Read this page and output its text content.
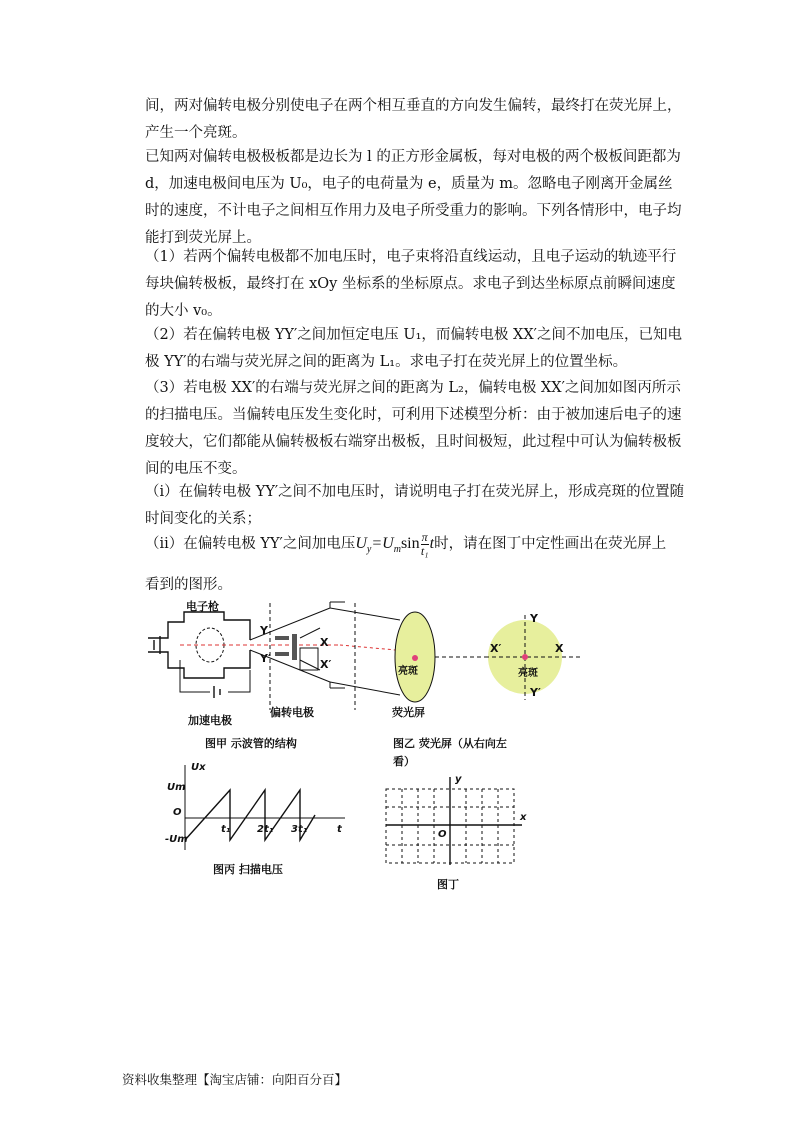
间，两对偏转电极分别使电子在两个相互垂直的方向发生偏转，最终打在荧光屏上，产生一个亮斑。

已知两对偏转电极极板都是边长为 l 的正方形金属板，每对电极的两个极板间距都为 d，加速电极间电压为 U₀，电子的电荷量为 e，质量为 m。忽略电子刚离开金属丝时的速度，不计电子之间相互作用力及电子所受重力的影响。下列各情形中，电子均能打到荧光屏上。

（1）若两个偏转电极都不加电压时，电子束将沿直线运动，且电子运动的轨迹平行每块偏转极板，最终打在 xOy 坐标系的坐标原点。求电子到达坐标原点前瞬间速度的大小 v₀。

（2）若在偏转电极 YY′之间加恒定电压 U₁，而偏转电极 XX′之间不加电压，已知电极 YY′的右端与荧光屏之间的距离为 L₁。求电子打在荧光屏上的位置坐标。

（3）若电极 XX′的右端与荧光屏之间的距离为 L₂，偏转电极 XX′之间加如图丙所示的扫描电压。当偏转电压发生变化时，可利用下述模型分析：由于被加速后电子的速度较大，它们都能从偏转极板右端穿出极板，且时间极短，此过程中可认为偏转极板间的电压不变。

（i）在偏转电极 YY′之间不加电压时，请说明电子打在荧光屏上，形成亮斑的位置随时间变化的关系；

（ii）在偏转电极 YY′之间加电压$U_y=U_m\sin \frac{\pi}{\text{t₁}}$ t时，请在图丁中定性画出在荧光屏上

看到的图形。

电子枪
Y
Y′
X
X′
亮斑
加速电极
偏转电极	荧光屏
Y
Y′
X′	X
亮斑
图甲 示波管的结构	图乙 荧光屏（从右向左
看）
Ux
Um
O
-Um
t₁	2t₁ 3t₁	t
图丙 扫描电压
y
x
O
图丁
资料收集整理【淘宝店铺：向阳百分百】
